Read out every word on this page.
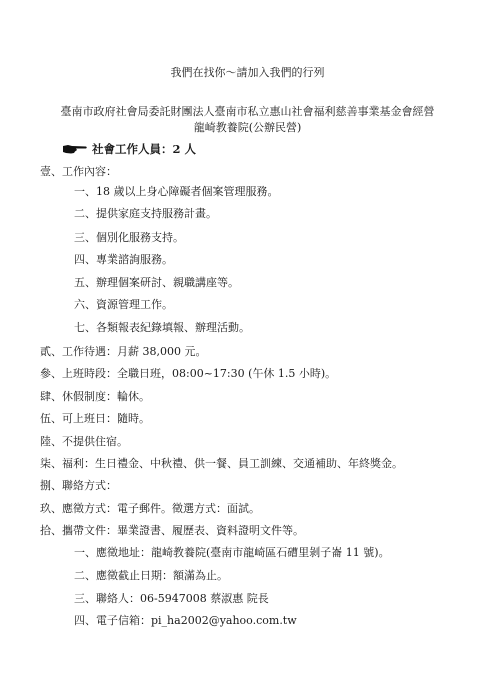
我們在找你～請加入我們的行列
臺南市政府社會局委託財團法人臺南市私立惠山社會福利慈善事業基金會經營
龍崎教養院(公辦民營)
社會工作人員：2 人
壹、工作內容：
一、18 歲以上身心障礙者個案管理服務。
二、提供家庭支持服務計畫。
三、個別化服務支持。
四、專業諮詢服務。
五、辦理個案研討、親職講座等。
六、資源管理工作。
七、各類報表紀錄填報、辦理活動。
貳、工作待遇：月薪 38,000 元。
參、上班時段：全職日班，08:00~17:30 (午休 1.5 小時)。
肆、休假制度：輪休。
伍、可上班日：隨時。
陸、不提供住宿。
柒、福利：生日禮金、中秋禮、供一餐、員工訓練、交通補助、年終獎金。
捌、聯絡方式：
玖、應徵方式：電子郵件。徵選方式：面試。
拾、攜帶文件：畢業證書、履歷表、資料證明文件等。
一、應徵地址：龍崎教養院(臺南市龍崎區石𥕢里剝子崙 11 號)。
二、應徵截止日期：額滿為止。
三、聯絡人：06-5947008 蔡淑惠 院長
四、電子信箱：pi_ha2002@yahoo.com.tw
